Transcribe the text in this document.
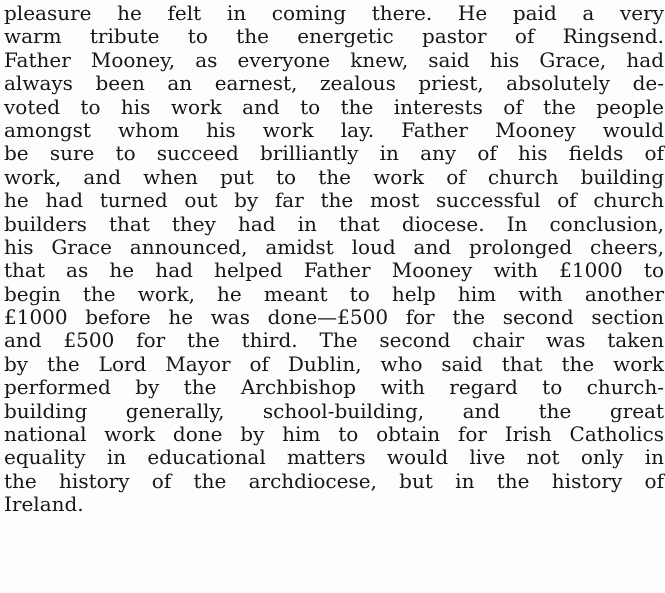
pleasure he felt in coming there. He paid a very
warm tribute to the energetic pastor of Ringsend.
Father Mooney, as everyone knew, said his Grace, had
always been an earnest, zealous priest, absolutely de-
voted to his work and to the interests of the people
amongst whom his work lay. Father Mooney would
be sure to succeed brilliantly in any of his fields of
work, and when put to the work of church building
he had turned out by far the most successful of church
builders that they had in that diocese. In conclusion,
his Grace announced, amidst loud and prolonged cheers,
that as he had helped Father Mooney with £1000 to
begin the work, he meant to help him with another
£1000 before he was done—£500 for the second section
and £500 for the third. The second chair was taken
by the Lord Mayor of Dublin, who said that the work
performed by the Archbishop with regard to church-
building generally, school-building, and the great
national work done by him to obtain for Irish Catholics
equality in educational matters would live not only in
the history of the archdiocese, but in the history of
Ireland.
